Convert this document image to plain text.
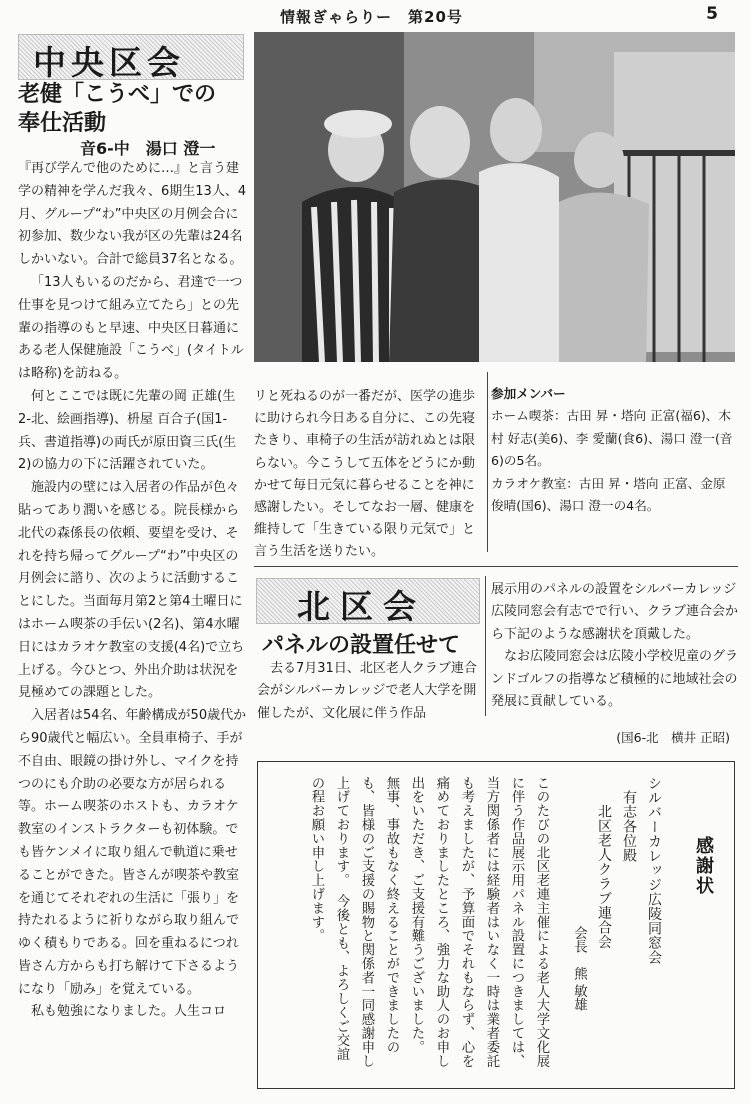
情報ぎゃらりー　第20号	5
中央区会
老健「こうべ」での
奉仕活動
音6-中　湯口 澄一

『再び学んで他のために…』と言う建学の精神を学んだ我々、6期生13人、4月、グループ“わ”中央区の月例会合に初参加、数少ない我が区の先輩は24名しかいない。合計で総員37名となる。

「13人もいるのだから、君達で一つ仕事を見つけて組み立てたら」との先輩の指導のもと早速、中央区日暮通にある老人保健施設「こうべ」(タイトルは略称)を訪ねる。

何とここでは既に先輩の岡 正雄(生2-北、絵画指導)、枡屋 百合子(国1-兵、書道指導)の両氏が原田資三氏(生2)の協力の下に活躍されていた。

施設内の壁には入居者の作品が色々貼ってあり潤いを感じる。院長様から北代の森係長の依頼、要望を受け、それを持ち帰ってグループ“わ”中央区の月例会に諮り、次のように活動することにした。当面毎月第2と第4土曜日にはホーム喫茶の手伝い(2名)、第4水曜日にはカラオケ教室の支援(4名)で立ち上げる。今ひとつ、外出介助は状況を見極めての課題とした。

入居者は54名、年齢構成が50歳代から90歳代と幅広い。全員車椅子、手が不自由、眼鏡の掛け外し、マイクを持つのにも介助の必要な方が居られる等。ホーム喫茶のホストも、カラオケ教室のインストラクターも初体験。でも皆ケンメイに取り組んで軌道に乗せることができた。皆さんが喫茶や教室を通じてそれぞれの生活に「張り」を持たれるように祈りながら取り組んでゆく積もりである。回を重ねるにつれ皆さん方からも打ち解けて下さるようになり「励み」を覚えている。

私も勉強になりました。人生コロ

リと死ねるのが一番だが、医学の進歩に助けられ今日ある自分に、この先寝たきり、車椅子の生活が訪れぬとは限らない。今こうして五体をどうにか動かせて毎日元気に暮らせることを神に感謝したい。そしてなお一層、健康を維持して「生きている限り元気で」と言う生活を送りたい。

参加メンバー

ホーム喫茶：古田 昇・塔向 正富(福6)、木村 好志(美6)、李 愛蘭(食6)、湯口 澄一(音6)の5名。

カラオケ教室：古田 昇・塔向 正富、金原 俊晴(国6)、湯口 澄一の4名。

北区会
パネルの設置任せて

去る7月31日、北区老人クラブ連合会がシルバーカレッジで老人大学を開催したが、文化展に伴う作品

展示用のパネルの設置をシルバーカレッジ広陵同窓会有志でで行い、クラブ連合会から下記のような感謝状を頂戴した。

なお広陵同窓会は広陵小学校児童のグランドゴルフの指導など積極的に地域社会の発展に貢献している。

(国6-北　横井 正昭)
感謝状
シルバーカレッジ広陵同窓会
有志各位殿
北区老人クラブ連合会
会長　熊 敏雄
このたびの北区老連主催による老人大学文化展に伴う作品展示用パネル設置につきましては、当方関係者には経験者はいなく一時は業者委託も考えましたが、予算面でそれもならず、心を痛めておりましたところ、強力な助人のお申し出をいただき、ご支援有難うございました。　無事、事故もなく終えることができましたのも、皆様のご支援の賜物と関係者一同感謝申し上げております。　今後とも、よろしくご交誼の程お願い申し上げます。
